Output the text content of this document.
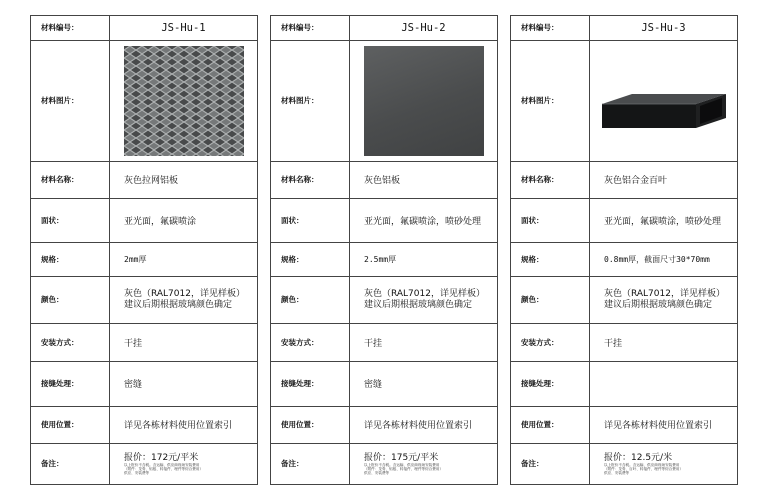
材料编号：	JS-Hu-1
材料图片：	
材料名称：	灰色拉网铝板
面状：	亚光面，氟碳喷涂
规格：	2mm厚
颜色：	灰色（RAL7012，详见样板）
建议后期根据玻璃颜色确定

安装方式：	干挂
接缝处理：	密缝
使用位置：	详见各栋材料使用位置索引
备注：	报价：172元/平米
以上报价不含税。含运输、供应商现场安装费用
（附件：龙骨、铝板、转接件、埋件等综合费用）
供应、安装费等
材料编号：	JS-Hu-2
材料图片：	
材料名称：	灰色铝板
面状：	亚光面，氟碳喷涂，喷砂处理
规格：	2.5mm厚
颜色：	灰色（RAL7012，详见样板）
建议后期根据玻璃颜色确定

安装方式：	干挂
接缝处理：	密缝
使用位置：	详见各栋材料使用位置索引
备注：	报价：175元/平米
以上报价不含税。含运输、供应商现场安装费用
（附件：龙骨、铝板、转接件、埋件等综合费用）
供应、安装费等
材料编号：	JS-Hu-3
材料图片：	
材料名称：	灰色铝合金百叶
面状：	亚光面，氟碳喷涂，喷砂处理
规格：	0.8mm厚，截面尺寸30*70mm
颜色：	灰色（RAL7012，详见样板）
建议后期根据玻璃颜色确定

安装方式：	干挂
接缝处理：	
使用位置：	详见各栋材料使用位置索引
备注：	报价：12.5元/米
以上报价不含税。含运输、供应商现场安装费用
（附件：龙骨、百叶、转接件、埋件等综合费用）
供应、安装费等
